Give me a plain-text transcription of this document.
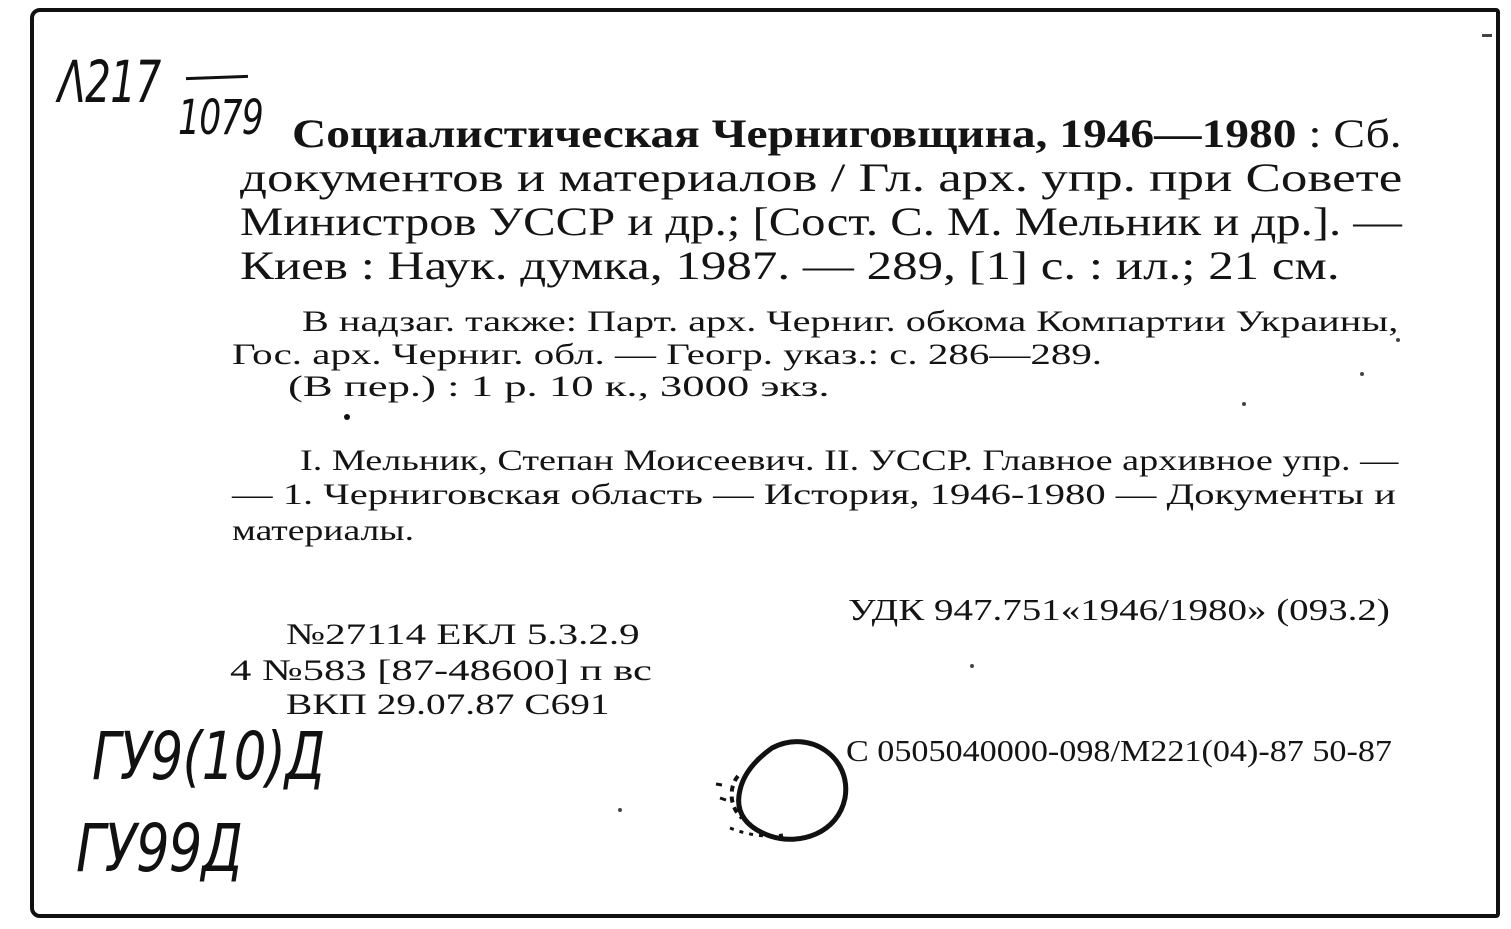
Λ217
1079 Социалистическая Черниговщина, 1946—1980 : Сб.
документов и материалов / Гл. арх. упр. при Совете
Министров УССР и др.; [Сост. С. М. Мельник и др.]. —
Киев : Наук. думка, 1987. — 289, [1] с. : ил.; 21 см.
В надзаг. также: Парт. арх. Черниг. обкома Компартии Украины,
Гос. арх. Черниг. обл. — Геогр. указ.: с. 286—289.
(В пер.) : 1 р. 10 к., 3000 экз.
I. Мельник, Степан Моисеевич. II. УССР. Главное архивное упр. —
— 1. Черниговская область — История, 1946-1980 — Документы и
материалы.
УДК 947.751«1946/1980» (093.2)
№27114 ЕКЛ 5.3.2.9
4 №583 [87-48600] п вс
ВКП 29.07.87 С691
С 0505040000-098/М221(04)-87 50-87
ГУ9(10)Д
ГУ99Д
